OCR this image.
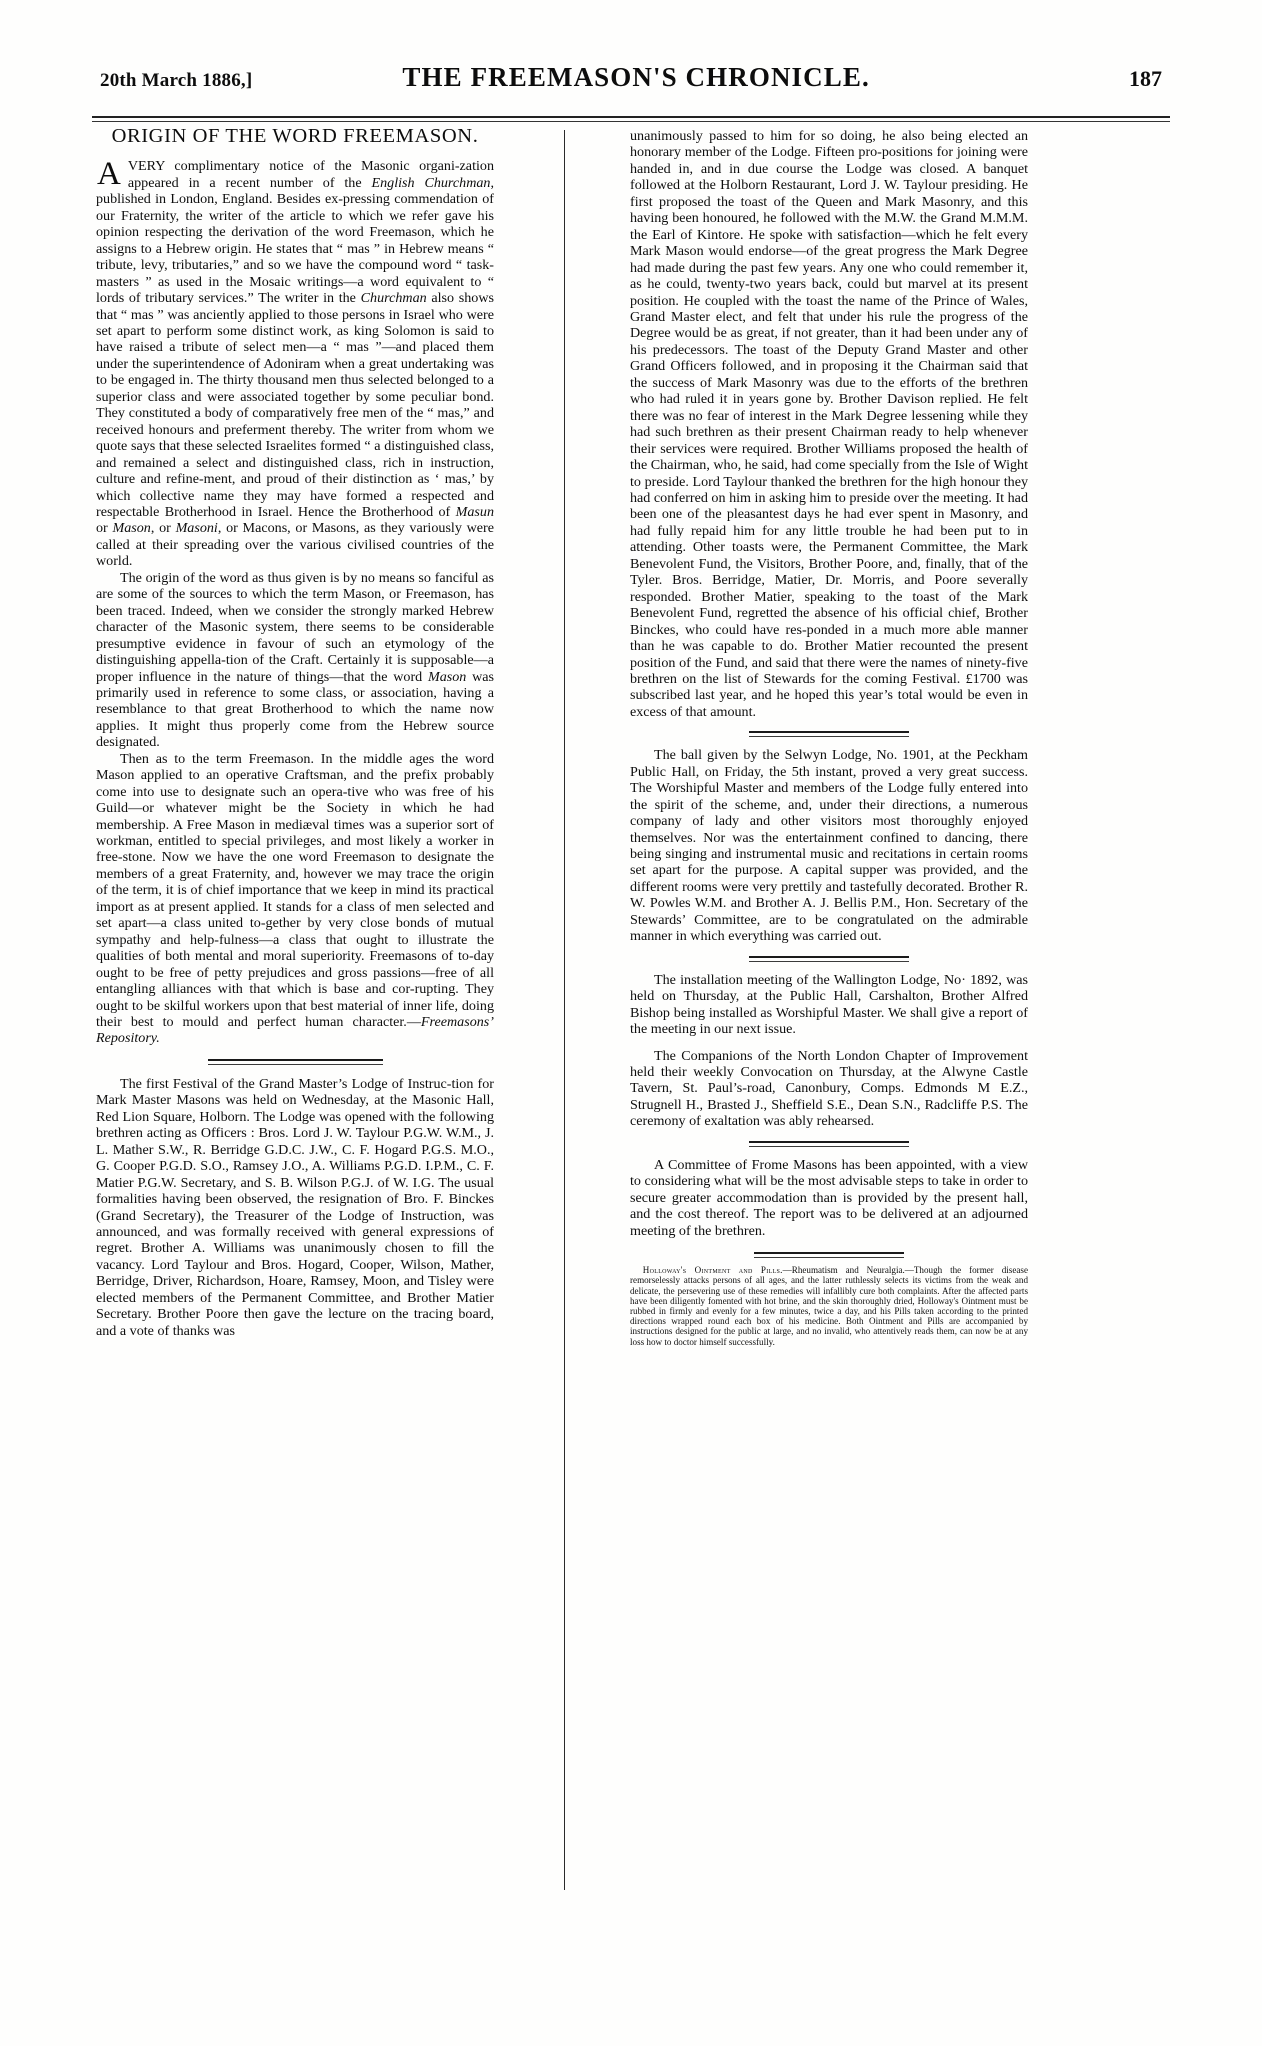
20th March 1886,]	THE FREEMASON'S CHRONICLE.	187
ORIGIN OF THE WORD FREEMASON.

AVERY complimentary notice of the Masonic organi-zation appeared in a recent number of the English Churchman, published in London, England. Besides ex-pressing commendation of our Fraternity, the writer of the article to which we refer gave his opinion respecting the derivation of the word Freemason, which he assigns to a Hebrew origin. He states that “ mas ” in Hebrew means “ tribute, levy, tributaries,” and so we have the compound word “ task-masters ” as used in the Mosaic writings—a word equivalent to “ lords of tributary services.” The writer in the Churchman also shows that “ mas ” was anciently applied to those persons in Israel who were set apart to perform some distinct work, as king Solomon is said to have raised a tribute of select men—a “ mas ”—and placed them under the superintendence of Adoniram when a great undertaking was to be engaged in. The thirty thousand men thus selected belonged to a superior class and were associated together by some peculiar bond. They constituted a body of comparatively free men of the “ mas,” and received honours and preferment thereby. The writer from whom we quote says that these selected Israelites formed “ a distinguished class, and remained a select and distinguished class, rich in instruction, culture and refine-ment, and proud of their distinction as ‘ mas,’ by which collective name they may have formed a respected and respectable Brotherhood in Israel. Hence the Brotherhood of Masun or Mason, or Masoni, or Macons, or Masons, as they variously were called at their spreading over the various civilised countries of the world.

The origin of the word as thus given is by no means so fanciful as are some of the sources to which the term Mason, or Freemason, has been traced. Indeed, when we consider the strongly marked Hebrew character of the Masonic system, there seems to be considerable presumptive evidence in favour of such an etymology of the distinguishing appella-tion of the Craft. Certainly it is supposable—a proper influence in the nature of things—that the word Mason was primarily used in reference to some class, or association, having a resemblance to that great Brotherhood to which the name now applies. It might thus properly come from the Hebrew source designated.

Then as to the term Freemason. In the middle ages the word Mason applied to an operative Craftsman, and the prefix probably come into use to designate such an opera-tive who was free of his Guild—or whatever might be the Society in which he had membership. A Free Mason in mediæval times was a superior sort of workman, entitled to special privileges, and most likely a worker in free-stone. Now we have the one word Freemason to designate the members of a great Fraternity, and, however we may trace the origin of the term, it is of chief importance that we keep in mind its practical import as at present applied. It stands for a class of men selected and set apart—a class united to-gether by very close bonds of mutual sympathy and help-fulness—a class that ought to illustrate the qualities of both mental and moral superiority. Freemasons of to-day ought to be free of petty prejudices and gross passions—free of all entangling alliances with that which is base and cor-rupting. They ought to be skilful workers upon that best material of inner life, doing their best to mould and perfect human character.—Freemasons’ Repository.

The first Festival of the Grand Master’s Lodge of Instruc-tion for Mark Master Masons was held on Wednesday, at the Masonic Hall, Red Lion Square, Holborn. The Lodge was opened with the following brethren acting as Officers : Bros. Lord J. W. Taylour P.G.W. W.M., J. L. Mather S.W., R. Berridge G.D.C. J.W., C. F. Hogard P.G.S. M.O., G. Cooper P.G.D. S.O., Ramsey J.O., A. Williams P.G.D. I.P.M., C. F. Matier P.G.W. Secretary, and S. B. Wilson P.G.J. of W. I.G. The usual formalities having been observed, the resignation of Bro. F. Binckes (Grand Secretary), the Treasurer of the Lodge of Instruction, was announced, and was formally received with general expressions of regret. Brother A. Williams was unanimously chosen to fill the vacancy. Lord Taylour and Bros. Hogard, Cooper, Wilson, Mather, Berridge, Driver, Richardson, Hoare, Ramsey, Moon, and Tisley were elected members of the Permanent Committee, and Brother Matier Secretary. Brother Poore then gave the lecture on the tracing board, and a vote of thanks was

unanimously passed to him for so doing, he also being elected an honorary member of the Lodge. Fifteen pro-positions for joining were handed in, and in due course the Lodge was closed. A banquet followed at the Holborn Restaurant, Lord J. W. Taylour presiding. He first proposed the toast of the Queen and Mark Masonry, and this having been honoured, he followed with the M.W. the Grand M.M.M. the Earl of Kintore. He spoke with satisfaction—which he felt every Mark Mason would endorse—of the great progress the Mark Degree had made during the past few years. Any one who could remember it, as he could, twenty-two years back, could but marvel at its present position. He coupled with the toast the name of the Prince of Wales, Grand Master elect, and felt that under his rule the progress of the Degree would be as great, if not greater, than it had been under any of his predecessors. The toast of the Deputy Grand Master and other Grand Officers followed, and in proposing it the Chairman said that the success of Mark Masonry was due to the efforts of the brethren who had ruled it in years gone by. Brother Davison replied. He felt there was no fear of interest in the Mark Degree lessening while they had such brethren as their present Chairman ready to help whenever their services were required. Brother Williams proposed the health of the Chairman, who, he said, had come specially from the Isle of Wight to preside. Lord Taylour thanked the brethren for the high honour they had conferred on him in asking him to preside over the meeting. It had been one of the pleasantest days he had ever spent in Masonry, and had fully repaid him for any little trouble he had been put to in attending. Other toasts were, the Permanent Committee, the Mark Benevolent Fund, the Visitors, Brother Poore, and, finally, that of the Tyler. Bros. Berridge, Matier, Dr. Morris, and Poore severally responded. Brother Matier, speaking to the toast of the Mark Benevolent Fund, regretted the absence of his official chief, Brother Binckes, who could have res-ponded in a much more able manner than he was capable to do. Brother Matier recounted the present position of the Fund, and said that there were the names of ninety-five brethren on the list of Stewards for the coming Festival. £1700 was subscribed last year, and he hoped this year’s total would be even in excess of that amount.

The ball given by the Selwyn Lodge, No. 1901, at the Peckham Public Hall, on Friday, the 5th instant, proved a very great success. The Worshipful Master and members of the Lodge fully entered into the spirit of the scheme, and, under their directions, a numerous company of lady and other visitors most thoroughly enjoyed themselves. Nor was the entertainment confined to dancing, there being singing and instrumental music and recitations in certain rooms set apart for the purpose. A capital supper was provided, and the different rooms were very prettily and tastefully decorated. Brother R. W. Powles W.M. and Brother A. J. Bellis P.M., Hon. Secretary of the Stewards’ Committee, are to be congratulated on the admirable manner in which everything was carried out.

The installation meeting of the Wallington Lodge, No· 1892, was held on Thursday, at the Public Hall, Carshalton, Brother Alfred Bishop being installed as Worshipful Master. We shall give a report of the meeting in our next issue.

The Companions of the North London Chapter of Improvement held their weekly Convocation on Thursday, at the Alwyne Castle Tavern, St. Paul’s-road, Canonbury, Comps. Edmonds M E.Z., Strugnell H., Brasted J., Sheffield S.E., Dean S.N., Radcliffe P.S. The ceremony of exaltation was ably rehearsed.

A Committee of Frome Masons has been appointed, with a view to considering what will be the most advisable steps to take in order to secure greater accommodation than is provided by the present hall, and the cost thereof. The report was to be delivered at an adjourned meeting of the brethren.

Holloway's Ointment and Pills.—Rheumatism and Neuralgia.—Though the former disease remorselessly attacks persons of all ages, and the latter ruthlessly selects its victims from the weak and delicate, the persevering use of these remedies will infallibly cure both complaints. After the affected parts have been diligently fomented with hot brine, and the skin thoroughly dried, Holloway's Ointment must be rubbed in firmly and evenly for a few minutes, twice a day, and his Pills taken according to the printed directions wrapped round each box of his medicine. Both Ointment and Pills are accompanied by instructions designed for the public at large, and no invalid, who attentively reads them, can now be at any loss how to doctor himself successfully.
